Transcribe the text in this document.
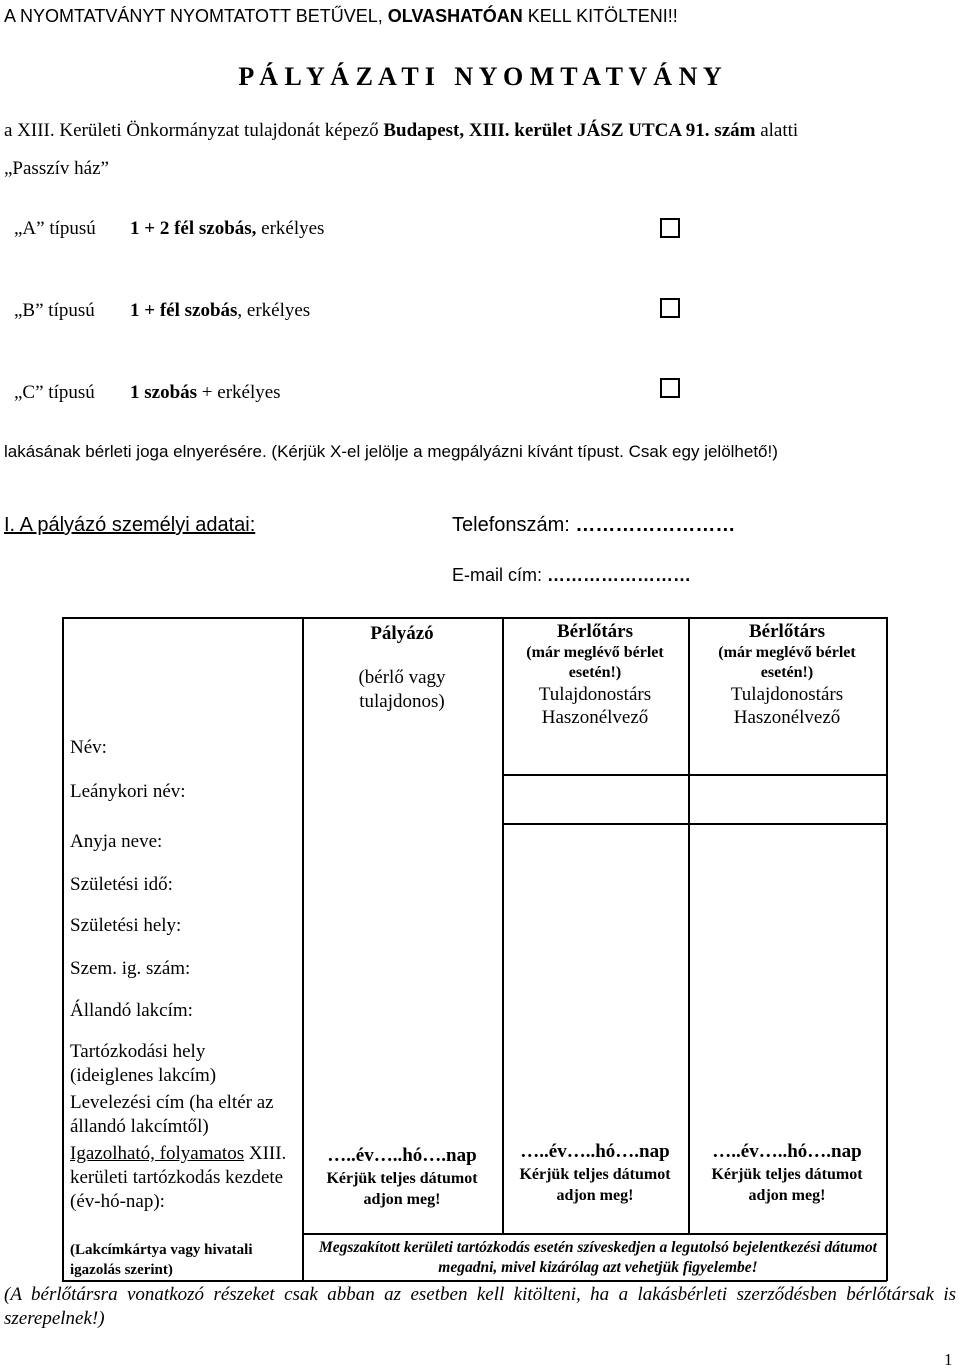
A NYOMTATVÁNYT NYOMTATOTT BETŰVEL, OLVASHATÓAN KELL KITÖLTENI!!
P Á L Y Á Z A T I   N Y O M T A T V Á N Y
a XIII. Kerületi Önkormányzat tulajdonát képező Budapest, XIII. kerület JÁSZ UTCA 91. szám alatti
„Passzív ház”
„A” típusú 1 + 2 fél szobás, erkélyes
„B” típusú 1 + fél szobás, erkélyes
„C” típusú 1 szobás + erkélyes
lakásának bérleti joga elnyerésére. (Kérjük X-el jelölje a megpályázni kívánt típust. Csak egy jelölhető!)
I. A pályázó személyi adatai:	Telefonszám: ……………………
E-mail cím: ……………………
Pályázó
(bérlő vagy tulajdonos)
Bérlőtárs
(már meglévő bérlet esetén!)
Tulajdonostárs
Haszonélvező
Bérlőtárs
(már meglévő bérlet esetén!)
Tulajdonostárs
Haszonélvező
Név:
Leánykori név:
Anyja neve:
Születési idő:
Születési hely:
Szem. ig. szám:
Állandó lakcím:
Tartózkodási hely (ideiglenes lakcím)
Levelezési cím (ha eltér az állandó lakcímtől)
Igazolható, folyamatos XIII. kerületi tartózkodás kezdete (év-hó-nap):
(Lakcímkártya vagy hivatali igazolás szerint)
…..év…..hó….nap
Kérjük teljes dátumot adjon meg!
…..év…..hó….nap
Kérjük teljes dátumot adjon meg!
…..év…..hó….nap
Kérjük teljes dátumot adjon meg!
Megszakított kerületi tartózkodás esetén szíveskedjen a legutolsó bejelentkezési dátumot megadni, mivel kizárólag azt vehetjük figyelembe!
(A bérlőtársra vonatkozó részeket csak abban az esetben kell kitölteni, ha a lakásbérleti szerződésben bérlőtársak is szerepelnek!)
1
